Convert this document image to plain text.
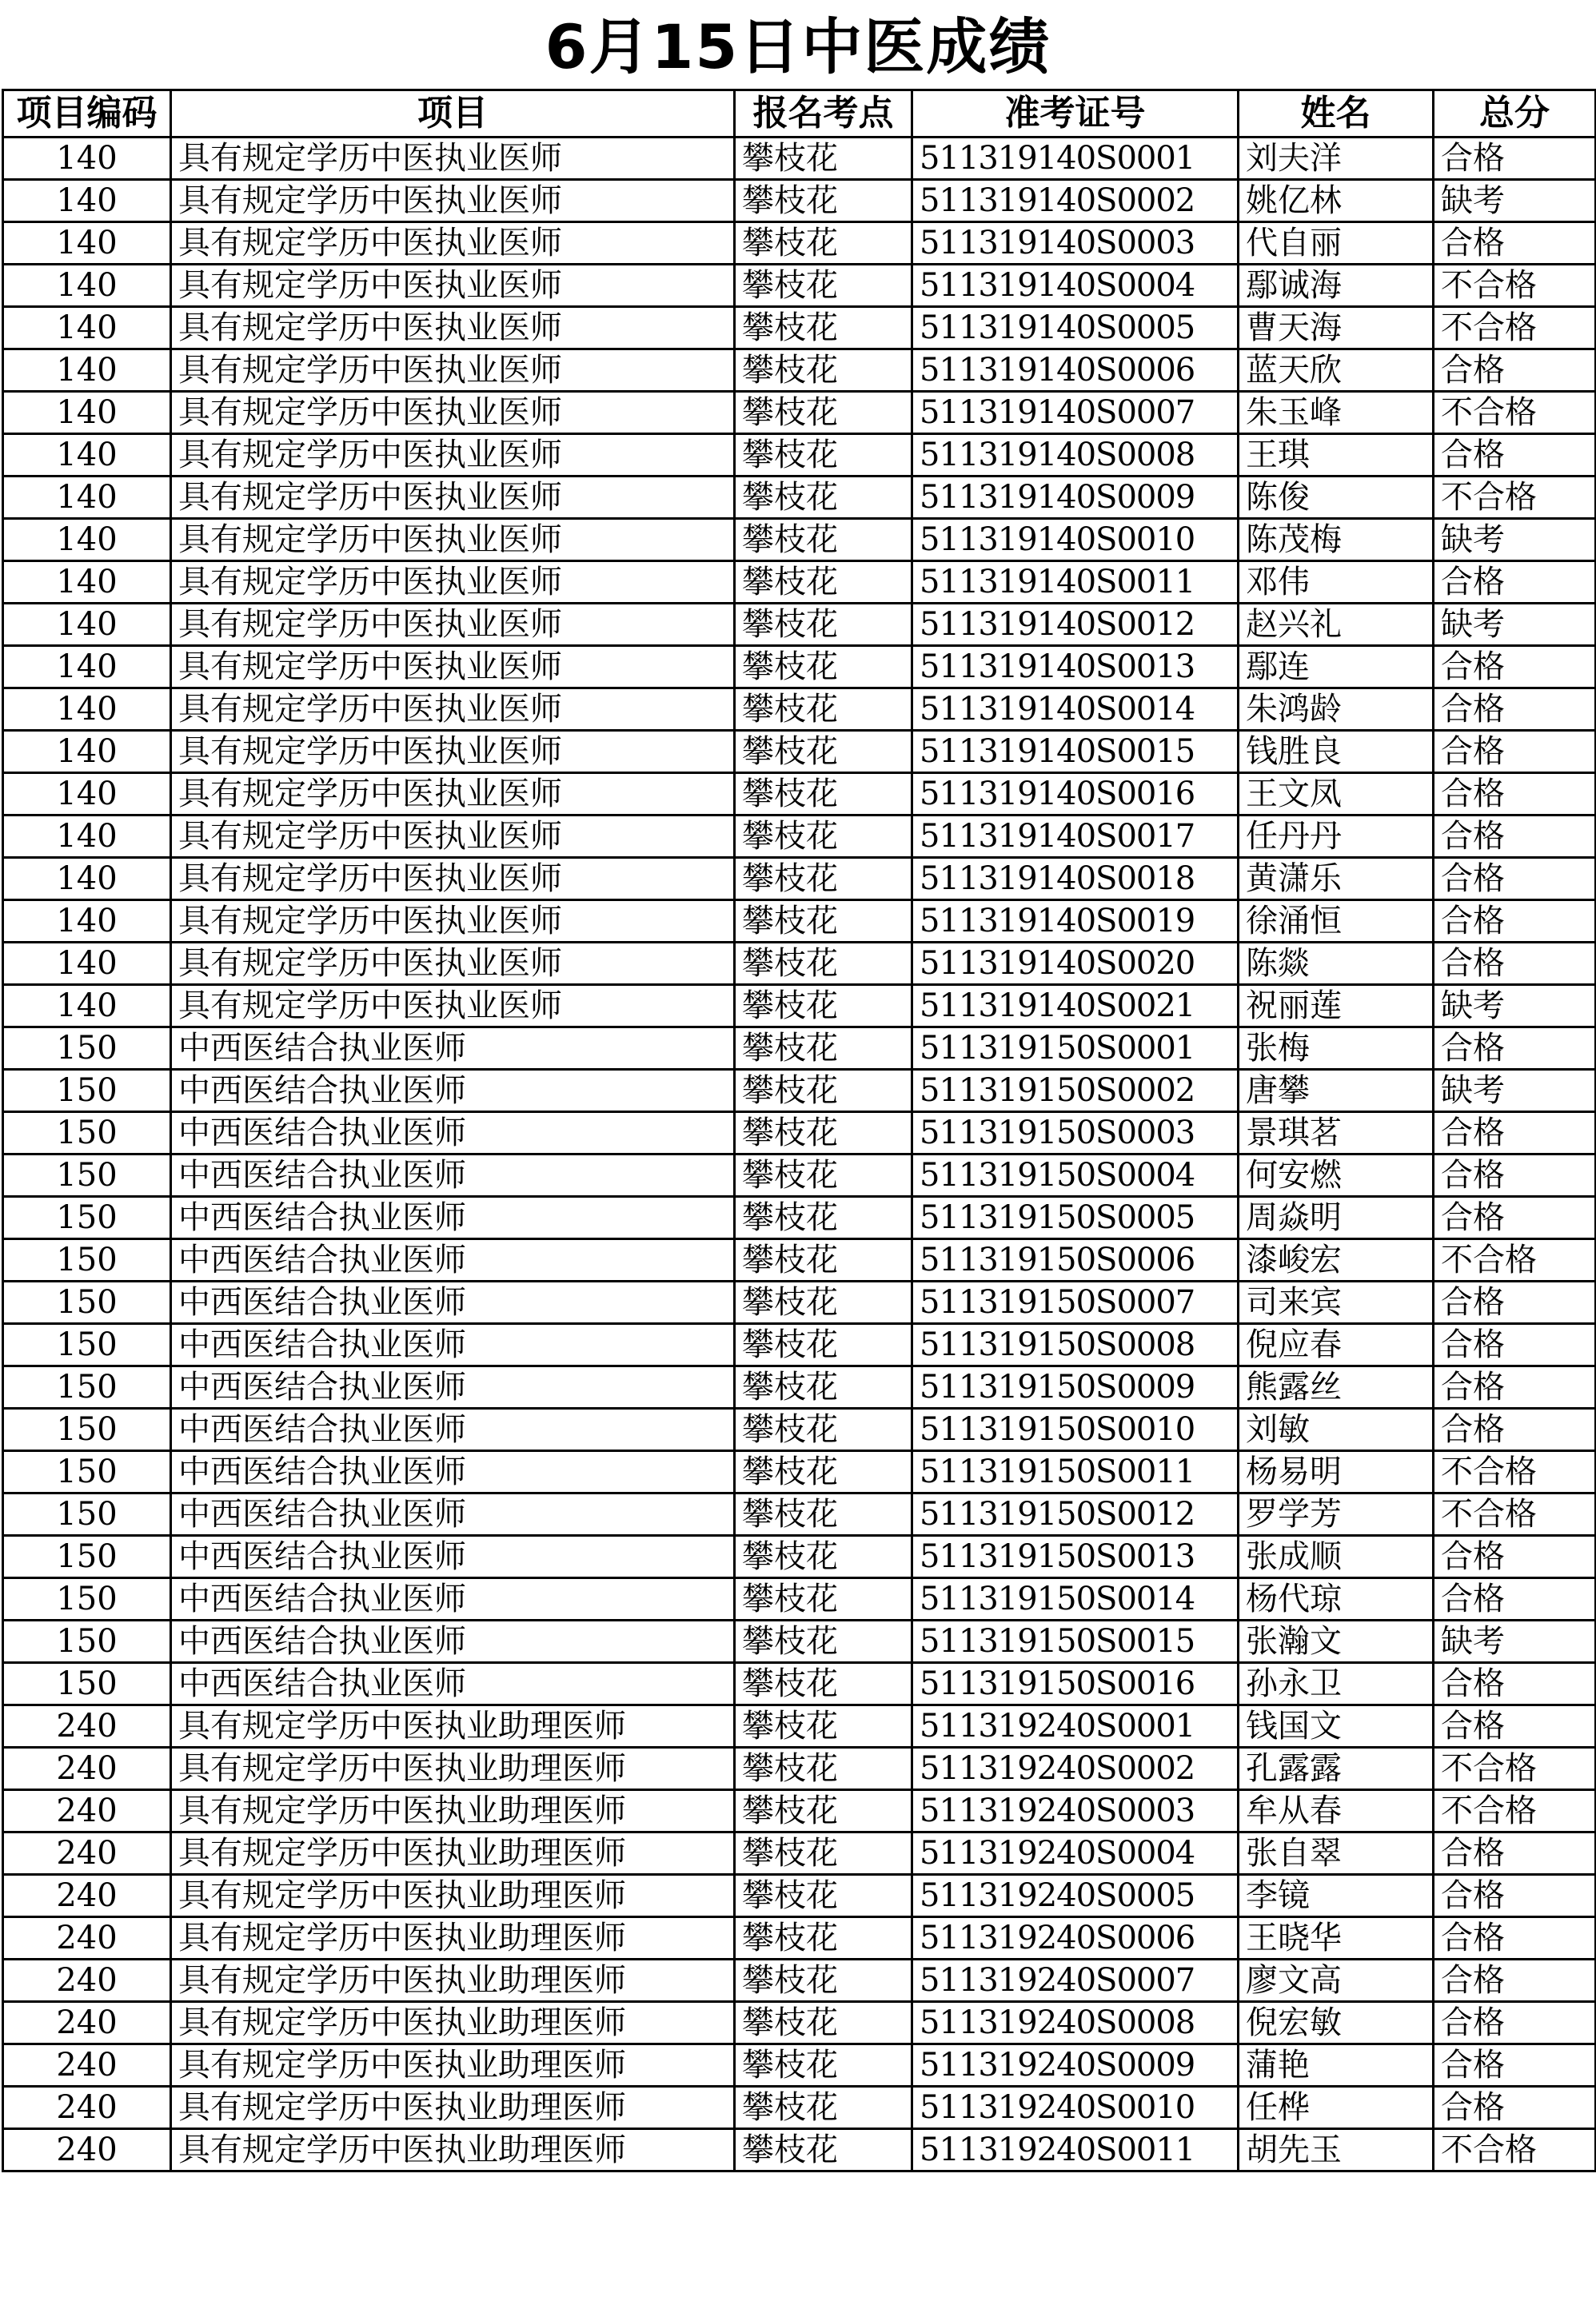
6月15日中医成绩
项目编码	项目	报名考点	准考证号	姓名	总分
140	具有规定学历中医执业医师	攀枝花	511319140S0001	刘夫洋	合格
140	具有规定学历中医执业医师	攀枝花	511319140S0002	姚亿林	缺考
140	具有规定学历中医执业医师	攀枝花	511319140S0003	代自丽	合格
140	具有规定学历中医执业医师	攀枝花	511319140S0004	鄢诚海	不合格
140	具有规定学历中医执业医师	攀枝花	511319140S0005	曹天海	不合格
140	具有规定学历中医执业医师	攀枝花	511319140S0006	蓝天欣	合格
140	具有规定学历中医执业医师	攀枝花	511319140S0007	朱玉峰	不合格
140	具有规定学历中医执业医师	攀枝花	511319140S0008	王琪	合格
140	具有规定学历中医执业医师	攀枝花	511319140S0009	陈俊	不合格
140	具有规定学历中医执业医师	攀枝花	511319140S0010	陈茂梅	缺考
140	具有规定学历中医执业医师	攀枝花	511319140S0011	邓伟	合格
140	具有规定学历中医执业医师	攀枝花	511319140S0012	赵兴礼	缺考
140	具有规定学历中医执业医师	攀枝花	511319140S0013	鄢连	合格
140	具有规定学历中医执业医师	攀枝花	511319140S0014	朱鸿龄	合格
140	具有规定学历中医执业医师	攀枝花	511319140S0015	钱胜良	合格
140	具有规定学历中医执业医师	攀枝花	511319140S0016	王文凤	合格
140	具有规定学历中医执业医师	攀枝花	511319140S0017	任丹丹	合格
140	具有规定学历中医执业医师	攀枝花	511319140S0018	黄潇乐	合格
140	具有规定学历中医执业医师	攀枝花	511319140S0019	徐涌恒	合格
140	具有规定学历中医执业医师	攀枝花	511319140S0020	陈燚	合格
140	具有规定学历中医执业医师	攀枝花	511319140S0021	祝丽莲	缺考
150	中西医结合执业医师	攀枝花	511319150S0001	张梅	合格
150	中西医结合执业医师	攀枝花	511319150S0002	唐攀	缺考
150	中西医结合执业医师	攀枝花	511319150S0003	景琪茗	合格
150	中西医结合执业医师	攀枝花	511319150S0004	何安燃	合格
150	中西医结合执业医师	攀枝花	511319150S0005	周焱明	合格
150	中西医结合执业医师	攀枝花	511319150S0006	漆峻宏	不合格
150	中西医结合执业医师	攀枝花	511319150S0007	司来宾	合格
150	中西医结合执业医师	攀枝花	511319150S0008	倪应春	合格
150	中西医结合执业医师	攀枝花	511319150S0009	熊露丝	合格
150	中西医结合执业医师	攀枝花	511319150S0010	刘敏	合格
150	中西医结合执业医师	攀枝花	511319150S0011	杨易明	不合格
150	中西医结合执业医师	攀枝花	511319150S0012	罗学芳	不合格
150	中西医结合执业医师	攀枝花	511319150S0013	张成顺	合格
150	中西医结合执业医师	攀枝花	511319150S0014	杨代琼	合格
150	中西医结合执业医师	攀枝花	511319150S0015	张瀚文	缺考
150	中西医结合执业医师	攀枝花	511319150S0016	孙永卫	合格
240	具有规定学历中医执业助理医师	攀枝花	511319240S0001	钱国文	合格
240	具有规定学历中医执业助理医师	攀枝花	511319240S0002	孔露露	不合格
240	具有规定学历中医执业助理医师	攀枝花	511319240S0003	牟从春	不合格
240	具有规定学历中医执业助理医师	攀枝花	511319240S0004	张自翠	合格
240	具有规定学历中医执业助理医师	攀枝花	511319240S0005	李镜	合格
240	具有规定学历中医执业助理医师	攀枝花	511319240S0006	王晓华	合格
240	具有规定学历中医执业助理医师	攀枝花	511319240S0007	廖文高	合格
240	具有规定学历中医执业助理医师	攀枝花	511319240S0008	倪宏敏	合格
240	具有规定学历中医执业助理医师	攀枝花	511319240S0009	蒲艳	合格
240	具有规定学历中医执业助理医师	攀枝花	511319240S0010	任桦	合格
240	具有规定学历中医执业助理医师	攀枝花	511319240S0011	胡先玉	不合格
